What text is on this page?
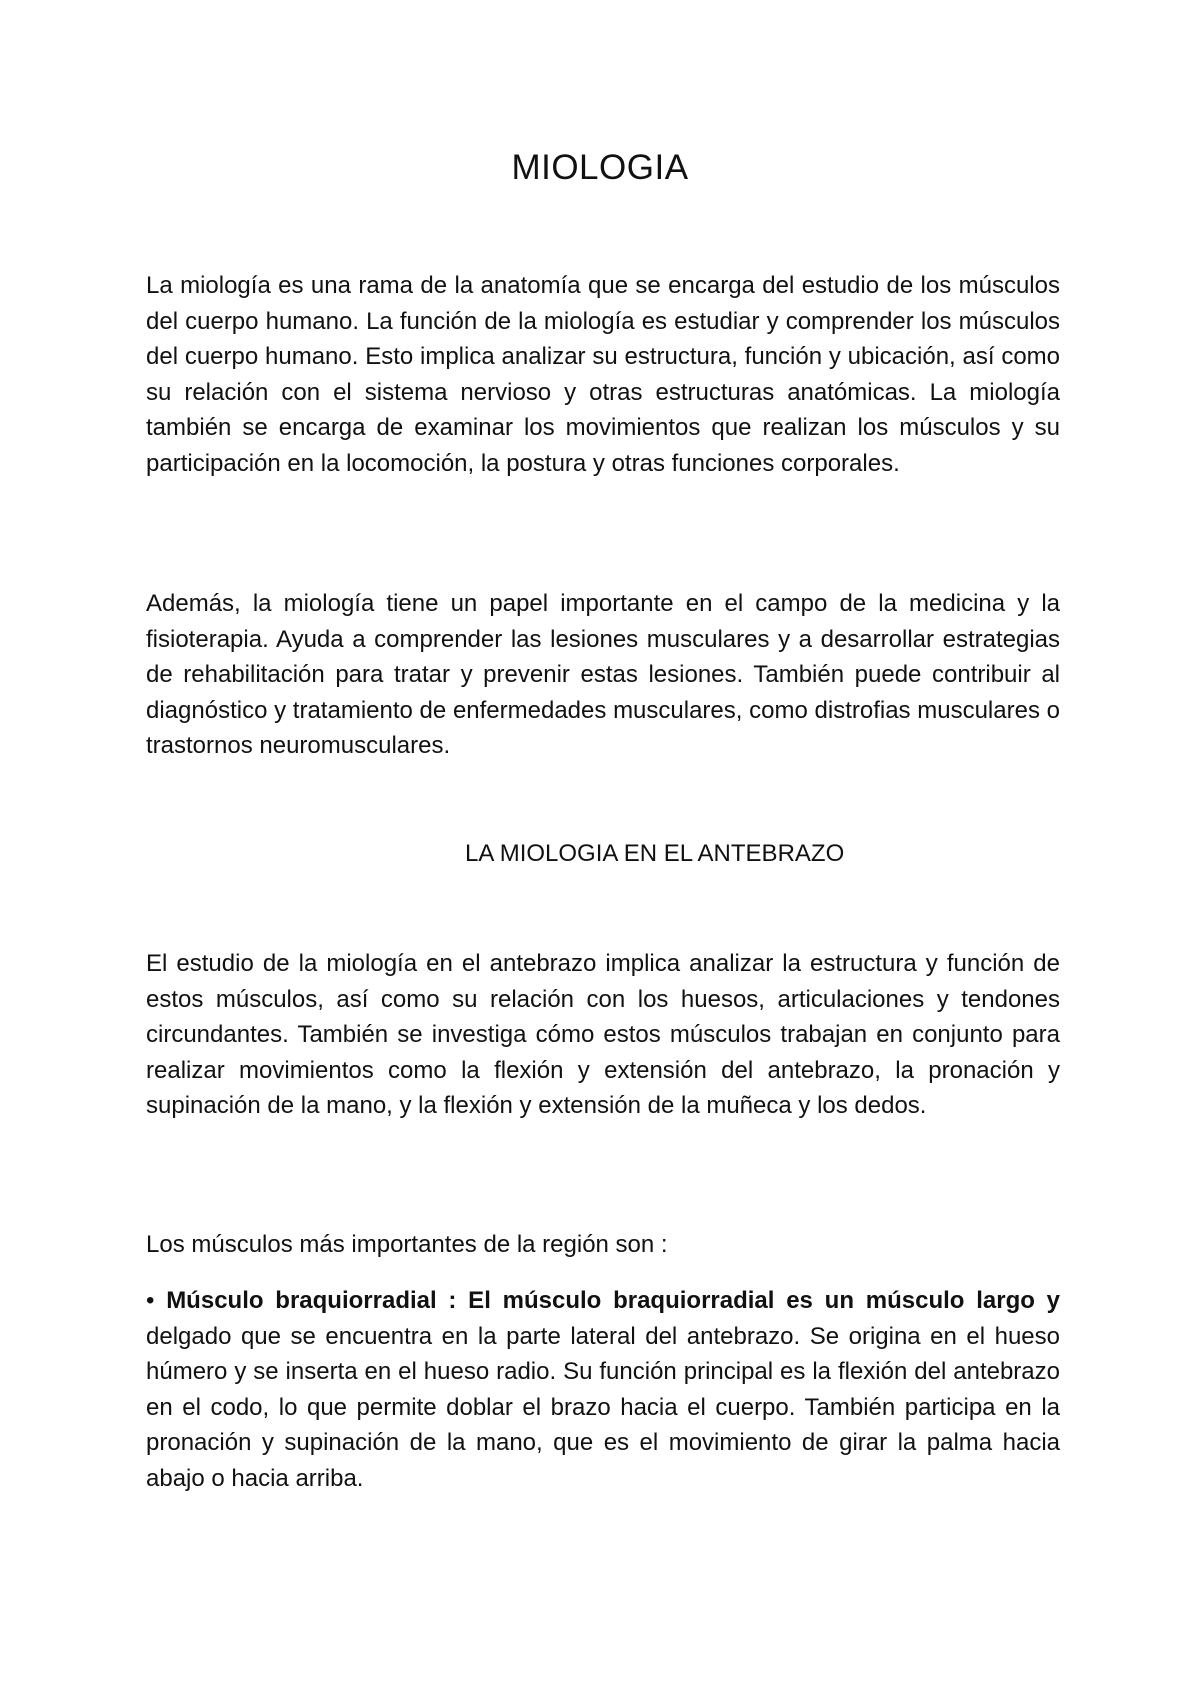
MIOLOGIA

La miología es una rama de la anatomía que se encarga del estudio de los músculos del cuerpo humano. La función de la miología es estudiar y comprender los músculos del cuerpo humano. Esto implica analizar su estructura, función y ubicación, así como su relación con el sistema nervioso y otras estructuras anatómicas. La miología también se encarga de examinar los movimientos que realizan los músculos y su participación en la locomoción, la postura y otras funciones corporales.

Además, la miología tiene un papel importante en el campo de la medicina y la fisioterapia. Ayuda a comprender las lesiones musculares y a desarrollar estrategias de rehabilitación para tratar y prevenir estas lesiones. También puede contribuir al diagnóstico y tratamiento de enfermedades musculares, como distrofias musculares o trastornos neuromusculares.

LA MIOLOGIA EN EL ANTEBRAZO

El estudio de la miología en el antebrazo implica analizar la estructura y función de estos músculos, así como su relación con los huesos, articulaciones y tendones circundantes. También se investiga cómo estos músculos trabajan en conjunto para realizar movimientos como la flexión y extensión del antebrazo, la pronación y supinación de la mano, y la flexión y extensión de la muñeca y los dedos.

Los músculos más importantes de la región son :

• Músculo braquiorradial : El músculo braquiorradial es un músculo largo y delgado que se encuentra en la parte lateral del antebrazo. Se origina en el hueso húmero y se inserta en el hueso radio. Su función principal es la flexión del antebrazo en el codo, lo que permite doblar el brazo hacia el cuerpo. También participa en la pronación y supinación de la mano, que es el movimiento de girar la palma hacia abajo o hacia arriba.
